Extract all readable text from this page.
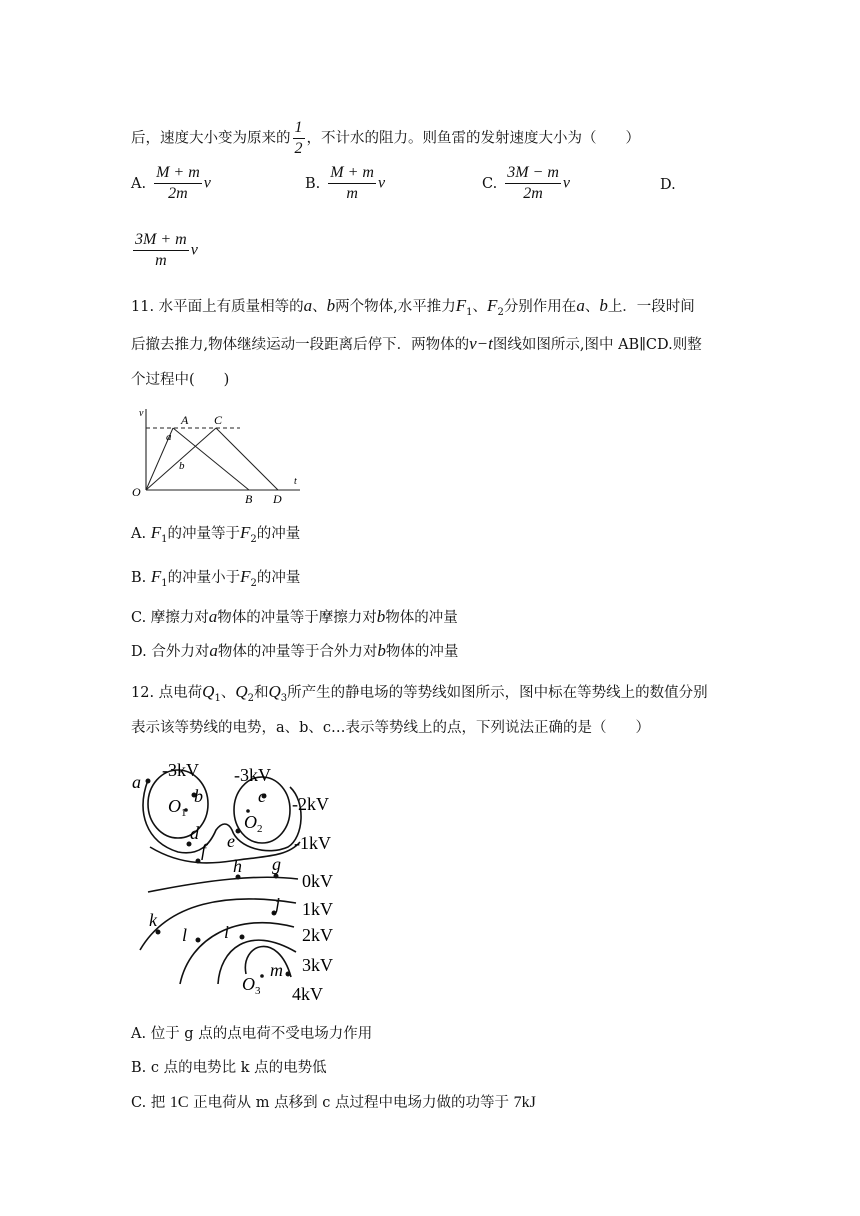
后，速度大小变为原来的 $\frac{1}{2}$ ，不计水的阻力。则鱼雷的发射速度大小为（　　）
A. $\frac{M + m}{2m}$ v	B. $\frac{M + m}{m}$ v	C. $\frac{3M - m}{2m}$ v	D.
$\frac{3M + m}{m}$ v
11. 水平面上有质量相等的a、b两个物体,水平推力$F_1$、$F_2$分别作用在a、b上．一段时间
后撤去推力,物体继续运动一段距离后停下．两物体的v−t图线如图所示,图中 AB∥CD.则整
个过程中(　　)
v
t
O
A C
a
b
B D
A. $F_1$的冲量等于$F_2$的冲量
B. $F_1$的冲量小于$F_2$的冲量
C. 摩擦力对a物体的冲量等于摩擦力对b物体的冲量
D. 合外力对a物体的冲量等于合外力对b物体的冲量
12. 点电荷$Q_1$、$Q_2$和$Q_3$所产生的静电场的等势线如图所示，图中标在等势线上的数值分别
表示该等势线的电势，a、b、c…表示等势线上的点，下列说法正确的是（　　）
-3kV -3kV
-2kV
-1kV
0kV
1kV
2kV
3kV
4kV
a
b	c
d e
f
g
h
i
j
k
l
m
$O_1$	$O_2$
$O_3$
A. 位于 g 点的点电荷不受电场力作用
B. c 点的电势比 k 点的电势低
C. 把 1C 正电荷从 m 点移到 c 点过程中电场力做的功等于 7kJ
